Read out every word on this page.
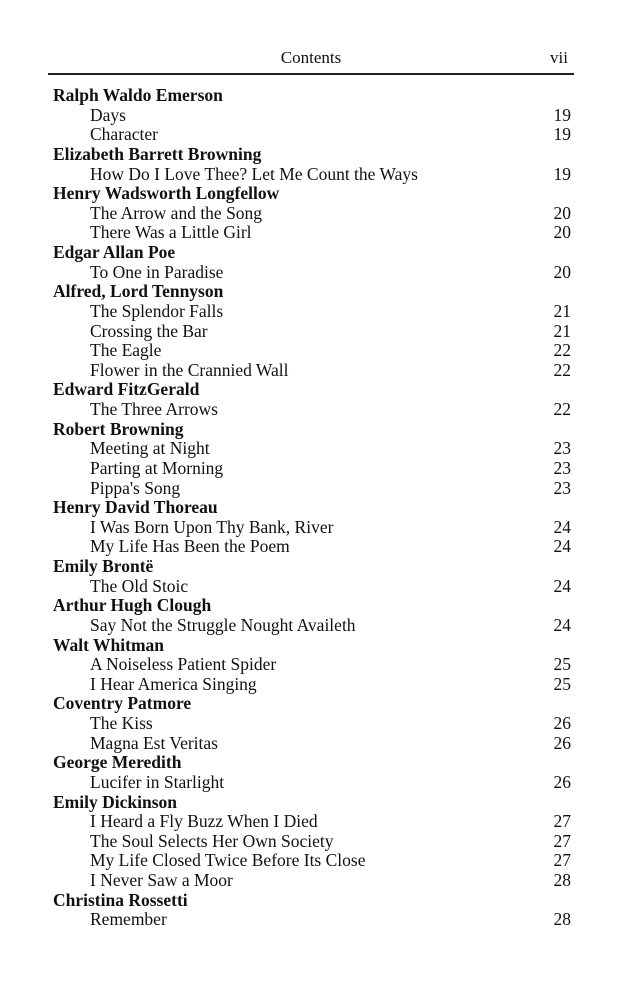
Contents	vii
Ralph Waldo Emerson
Days	19
Character	19
Elizabeth Barrett Browning
How Do I Love Thee? Let Me Count the Ways	19
Henry Wadsworth Longfellow
The Arrow and the Song	20
There Was a Little Girl	20
Edgar Allan Poe
To One in Paradise	20
Alfred, Lord Tennyson
The Splendor Falls	21
Crossing the Bar	21
The Eagle	22
Flower in the Crannied Wall	22
Edward FitzGerald
The Three Arrows	22
Robert Browning
Meeting at Night	23
Parting at Morning	23
Pippa's Song	23
Henry David Thoreau
I Was Born Upon Thy Bank, River	24
My Life Has Been the Poem	24
Emily Brontë
The Old Stoic	24
Arthur Hugh Clough
Say Not the Struggle Nought Availeth	24
Walt Whitman
A Noiseless Patient Spider	25
I Hear America Singing	25
Coventry Patmore
The Kiss	26
Magna Est Veritas	26
George Meredith
Lucifer in Starlight	26
Emily Dickinson
I Heard a Fly Buzz When I Died	27
The Soul Selects Her Own Society	27
My Life Closed Twice Before Its Close	27
I Never Saw a Moor	28
Christina Rossetti
Remember	28
